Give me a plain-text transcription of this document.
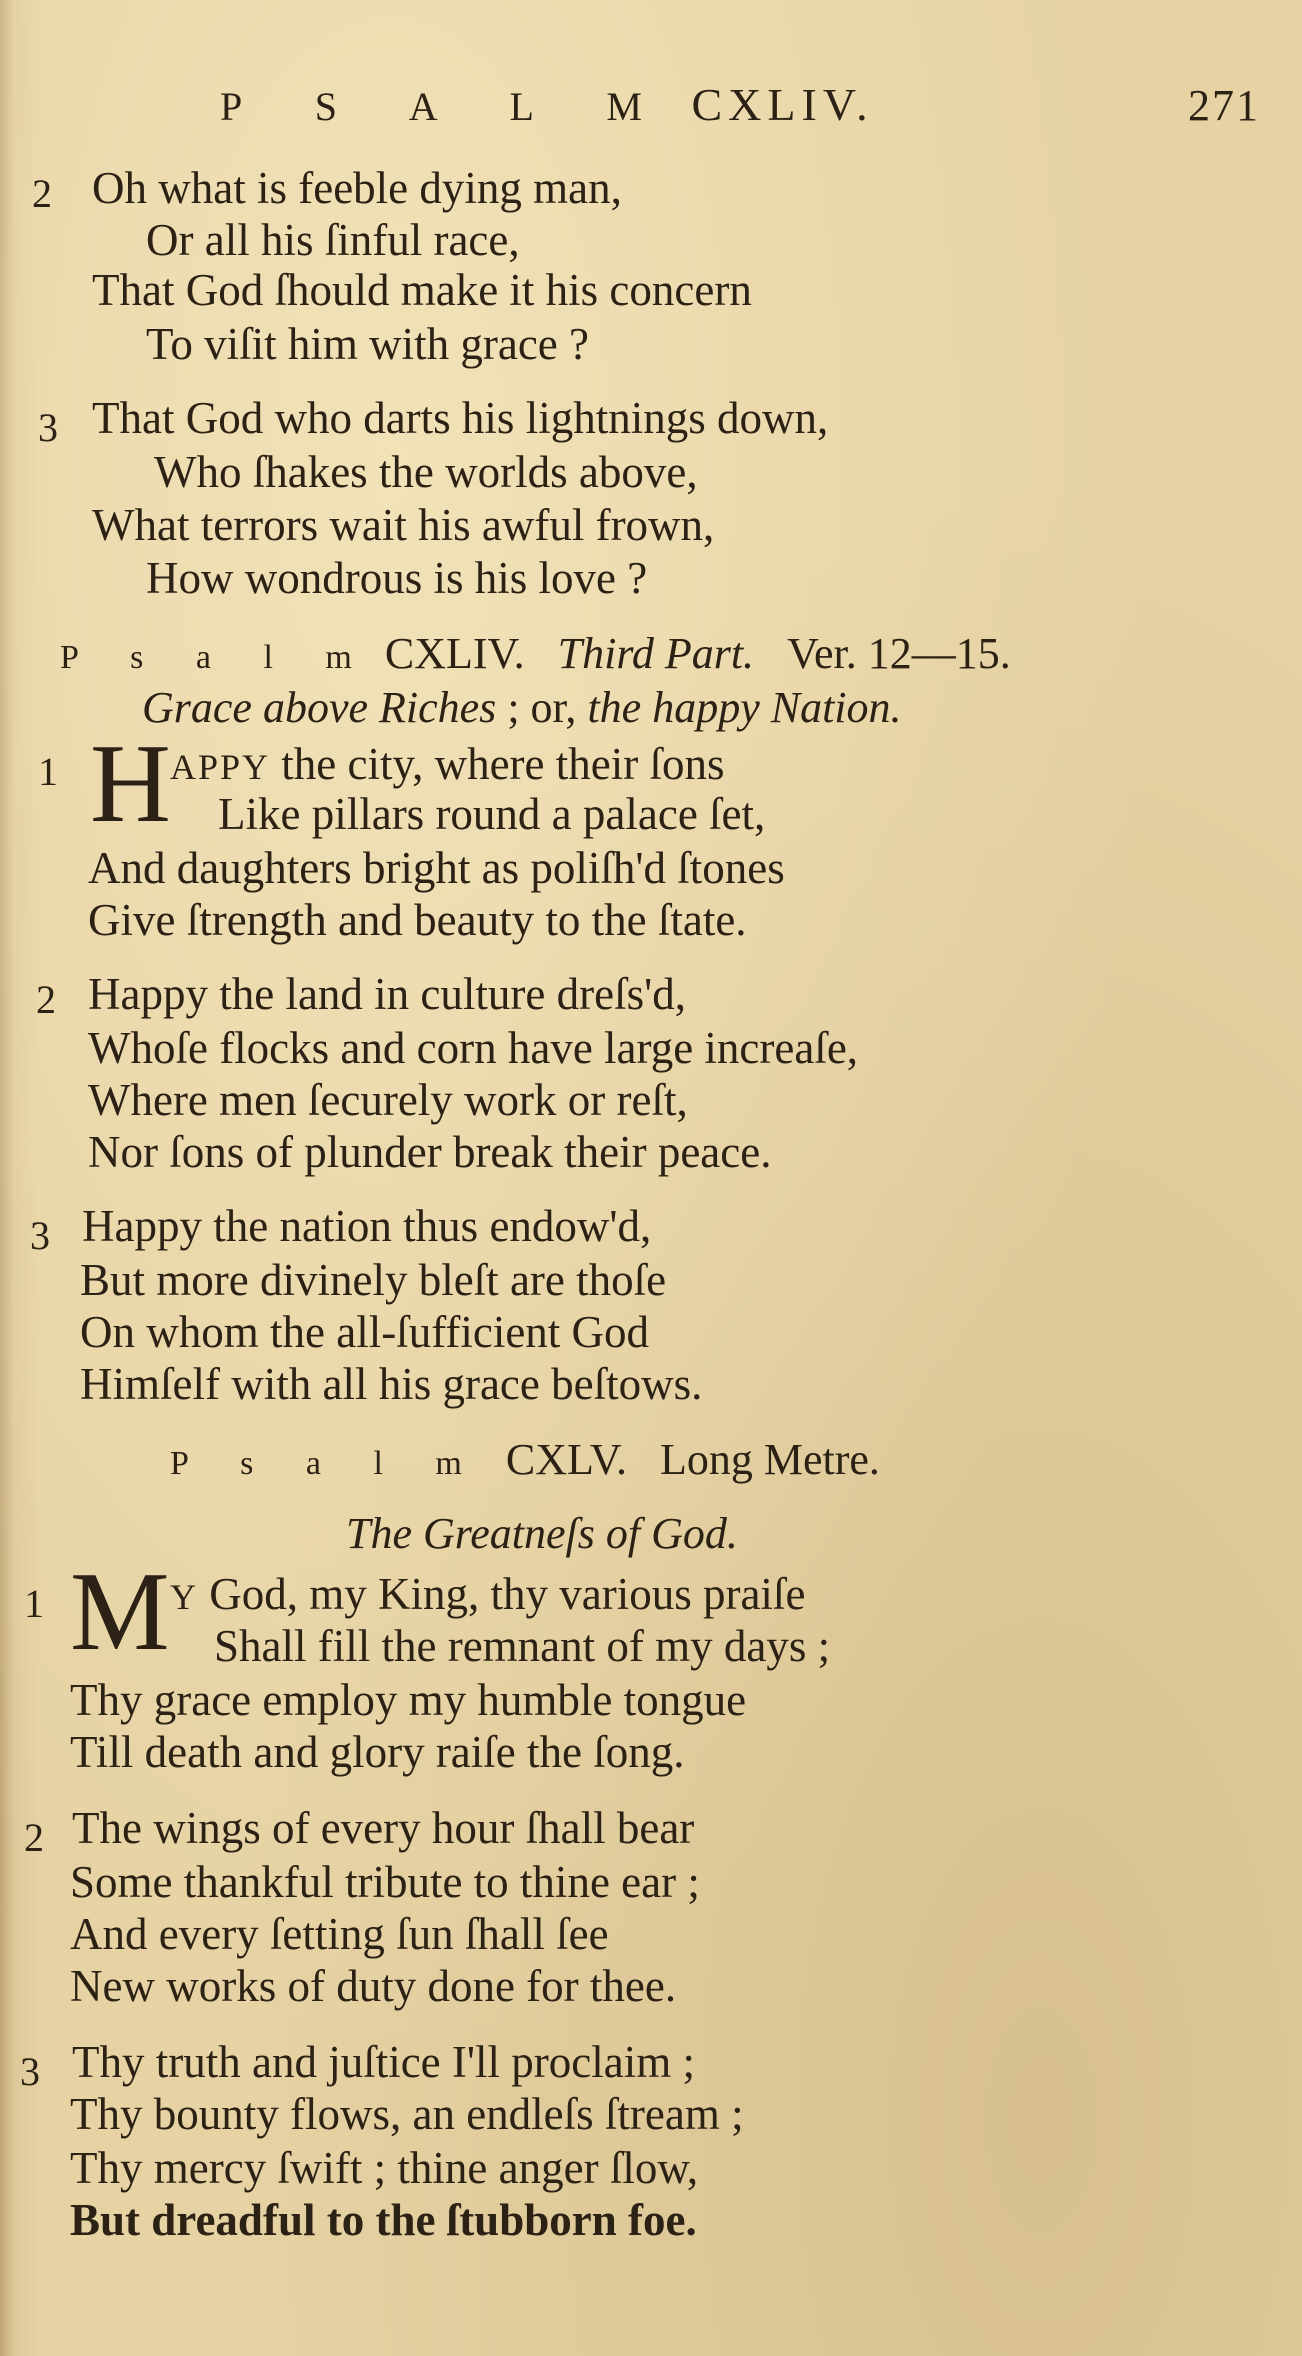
P S A L M CXLIV.	271
2 Oh what is feeble dying man,
Or all his ſinful race,
That God ſhould make it his concern
To viſit him with grace ?
3 That God who darts his lightnings down,
Who ſhakes the worlds above,
What terrors wait his awful frown,
How wondrous is his love ?
P s a l m CXLIV. Third Part. Ver. 12—15.
Grace above Riches ; or, the happy Nation.
1 H APPY the city, where their ſons
Like pillars round a palace ſet,
And daughters bright as poliſh'd ſtones
Give ſtrength and beauty to the ſtate.
2 Happy the land in culture dreſs'd,
Whoſe flocks and corn have large increaſe,
Where men ſecurely work or reſt,
Nor ſons of plunder break their peace.
3 Happy the nation thus endow'd,
But more divinely bleſt are thoſe
On whom the all-ſufficient God
Himſelf with all his grace beſtows.
P s a l m CXLV. Long Metre.
The Greatneſs of God.
1 M Y God, my King, thy various praiſe
Shall fill the remnant of my days ;
Thy grace employ my humble tongue
Till death and glory raiſe the ſong.
2 The wings of every hour ſhall bear
Some thankful tribute to thine ear ;
And every ſetting ſun ſhall ſee
New works of duty done for thee.
3 Thy truth and juſtice I'll proclaim ;
Thy bounty flows, an endleſs ſtream ;
Thy mercy ſwift ; thine anger ſlow,
But dreadful to the ſtubborn foe.
